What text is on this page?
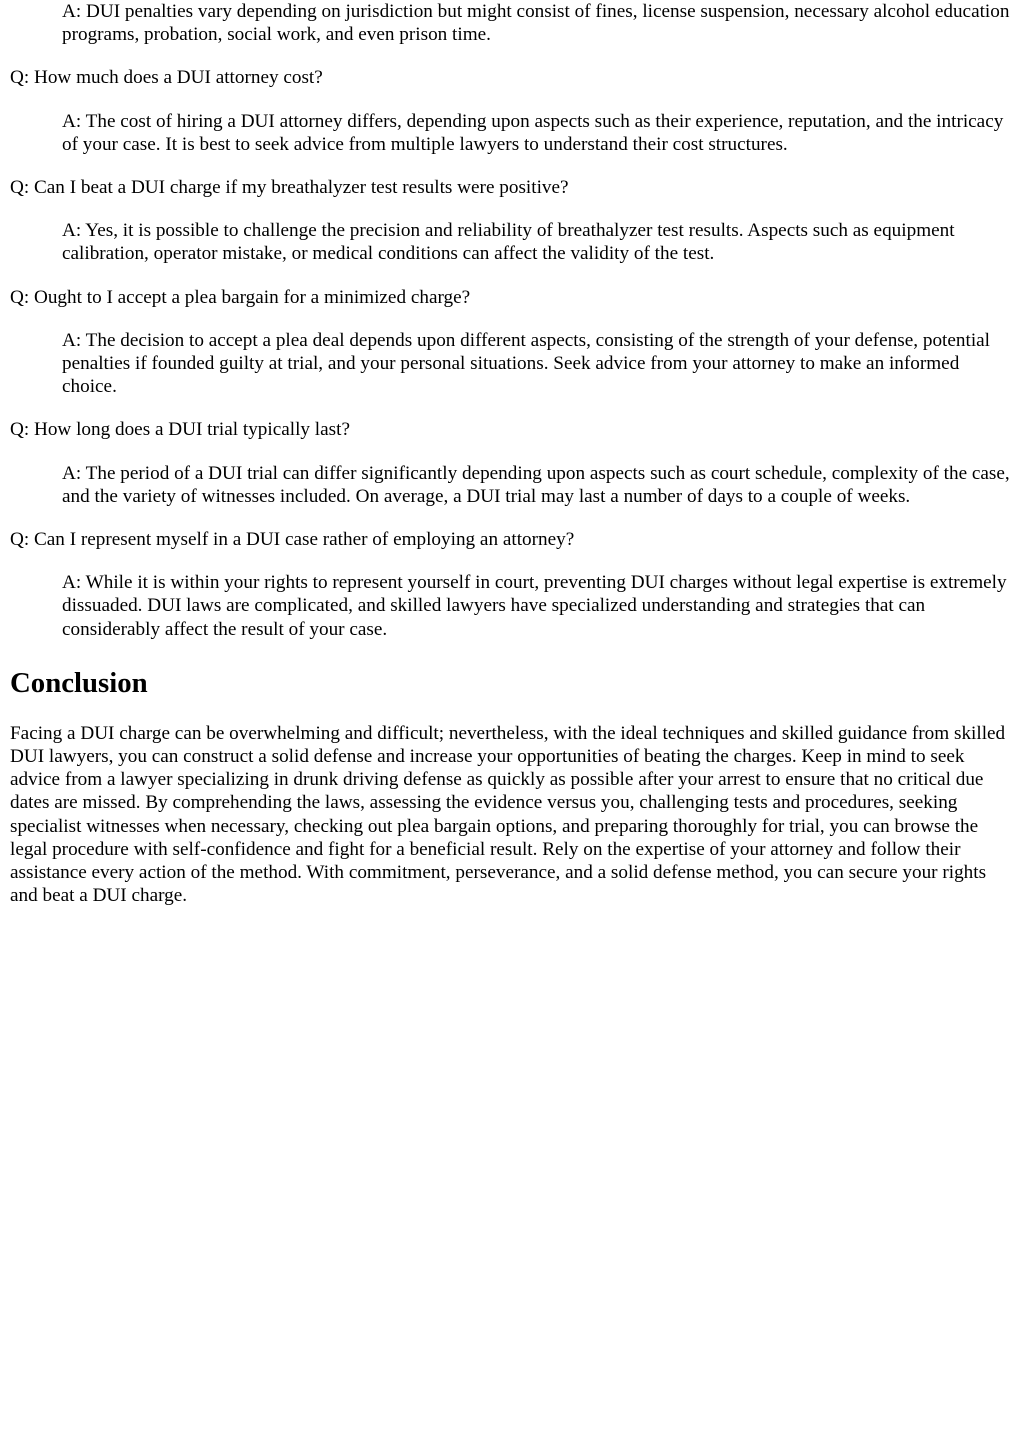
A: DUI penalties vary depending on jurisdiction but might consist of fines, license suspension, necessary alcohol education programs, probation, social work, and even prison time.

Q: How much does a DUI attorney cost?

A: The cost of hiring a DUI attorney differs, depending upon aspects such as their experience, reputation, and the intricacy of your case. It is best to seek advice from multiple lawyers to understand their cost structures.

Q: Can I beat a DUI charge if my breathalyzer test results were positive?

A: Yes, it is possible to challenge the precision and reliability of breathalyzer test results. Aspects such as equipment calibration, operator mistake, or medical conditions can affect the validity of the test.

Q: Ought to I accept a plea bargain for a minimized charge?

A: The decision to accept a plea deal depends upon different aspects, consisting of the strength of your defense, potential penalties if founded guilty at trial, and your personal situations. Seek advice from your attorney to make an informed choice.

Q: How long does a DUI trial typically last?

A: The period of a DUI trial can differ significantly depending upon aspects such as court schedule, complexity of the case, and the variety of witnesses included. On average, a DUI trial may last a number of days to a couple of weeks.

Q: Can I represent myself in a DUI case rather of employing an attorney?

A: While it is within your rights to represent yourself in court, preventing DUI charges without legal expertise is extremely dissuaded. DUI laws are complicated, and skilled lawyers have specialized understanding and strategies that can considerably affect the result of your case.

Conclusion

Facing a DUI charge can be overwhelming and difficult; nevertheless, with the ideal techniques and skilled guidance from skilled DUI lawyers, you can construct a solid defense and increase your opportunities of beating the charges. Keep in mind to seek advice from a lawyer specializing in drunk driving defense as quickly as possible after your arrest to ensure that no critical due dates are missed. By comprehending the laws, assessing the evidence versus you, challenging tests and procedures, seeking specialist witnesses when necessary, checking out plea bargain options, and preparing thoroughly for trial, you can browse the legal procedure with self-confidence and fight for a beneficial result. Rely on the expertise of your attorney and follow their assistance every action of the method. With commitment, perseverance, and a solid defense method, you can secure your rights and beat a DUI charge.
